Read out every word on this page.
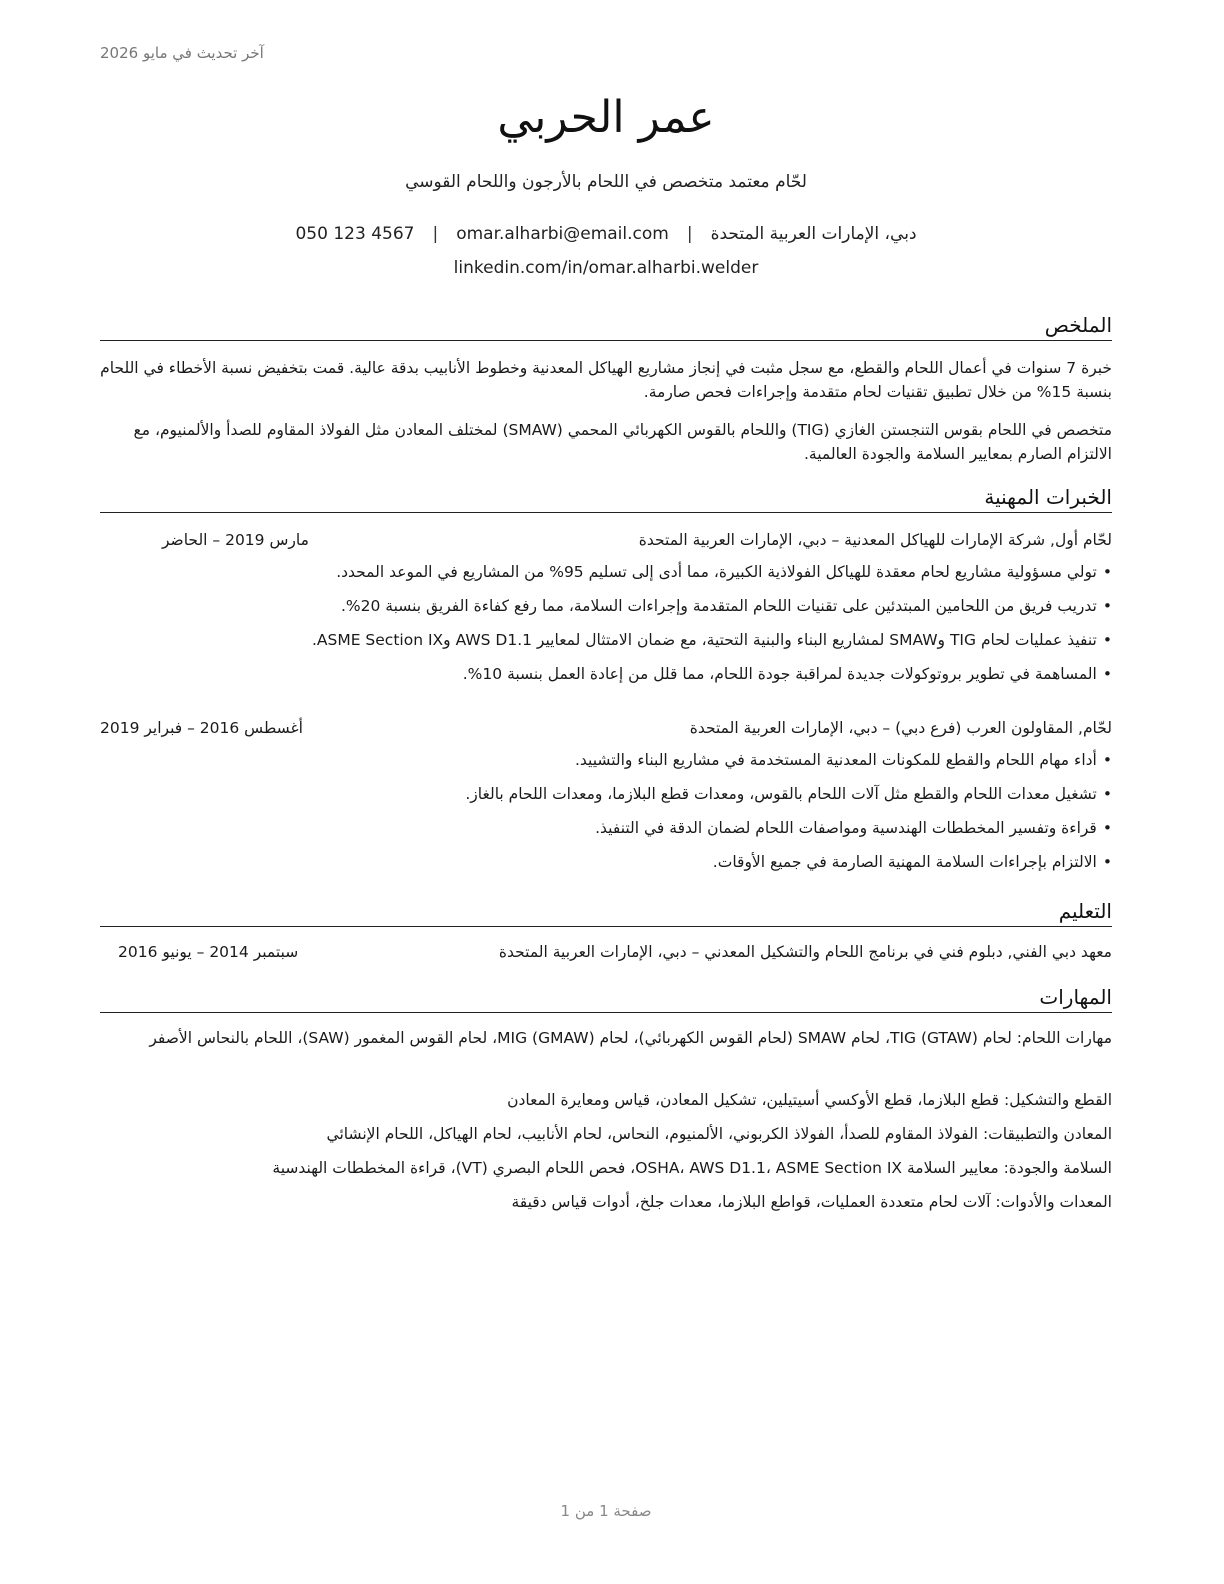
آخر تحديث في مايو 2026
عمر الحربي
لحّام معتمد متخصص في اللحام بالأرجون واللحام القوسي
دبي، الإمارات العربية المتحدة
|
omar.alharbi@email.com
|
050 123 4567
linkedin.com/in/omar.alharbi.welder
الملخص

خبرة 7 سنوات في أعمال اللحام والقطع، مع سجل مثبت في إنجاز مشاريع الهياكل المعدنية وخطوط الأنابيب بدقة عالية. قمت بتخفيض نسبة الأخطاء في اللحام بنسبة 15% من خلال تطبيق تقنيات لحام متقدمة وإجراءات فحص صارمة.

متخصص في اللحام بقوس التنجستن الغازي (TIG) واللحام بالقوس الكهربائي المحمي (SMAW) لمختلف المعادن مثل الفولاذ المقاوم للصدأ والألمنيوم، مع الالتزام الصارم بمعايير السلامة والجودة العالمية.

الخبرات المهنية
لحّام أول, شركة الإمارات للهياكل المعدنية – دبي، الإمارات العربية المتحدة
مارس 2019 – الحاضر
•تولي مسؤولية مشاريع لحام معقدة للهياكل الفولاذية الكبيرة، مما أدى إلى تسليم 95% من المشاريع في الموعد المحدد.
•تدريب فريق من اللحامين المبتدئين على تقنيات اللحام المتقدمة وإجراءات السلامة، مما رفع كفاءة الفريق بنسبة 20%.
•تنفيذ عمليات لحام TIG وSMAW لمشاريع البناء والبنية التحتية، مع ضمان الامتثال لمعايير AWS D1.1 وASME Section IX.
•المساهمة في تطوير بروتوكولات جديدة لمراقبة جودة اللحام، مما قلل من إعادة العمل بنسبة 10%.
لحّام, المقاولون العرب (فرع دبي) – دبي، الإمارات العربية المتحدة
أغسطس 2016 – فبراير 2019
•أداء مهام اللحام والقطع للمكونات المعدنية المستخدمة في مشاريع البناء والتشييد.
•تشغيل معدات اللحام والقطع مثل آلات اللحام بالقوس، ومعدات قطع البلازما، ومعدات اللحام بالغاز.
•قراءة وتفسير المخططات الهندسية ومواصفات اللحام لضمان الدقة في التنفيذ.
•الالتزام بإجراءات السلامة المهنية الصارمة في جميع الأوقات.
التعليم
معهد دبي الفني, دبلوم فني في برنامج اللحام والتشكيل المعدني – دبي، الإمارات العربية المتحدة
سبتمبر 2014 – يونيو 2016
المهارات

مهارات اللحام: لحام TIG (GTAW)، لحام SMAW (لحام القوس الكهربائي)، لحام MIG (GMAW)، لحام القوس المغمور (SAW)، اللحام بالنحاس الأصفر

القطع والتشكيل: قطع البلازما، قطع الأوكسي أسيتيلين، تشكيل المعادن، قياس ومعايرة المعادن

المعادن والتطبيقات: الفولاذ المقاوم للصدأ، الفولاذ الكربوني، الألمنيوم، النحاس، لحام الأنابيب، لحام الهياكل، اللحام الإنشائي

السلامة والجودة: معايير السلامة OSHA، AWS D1.1، ASME Section IX، فحص اللحام البصري (VT)، قراءة المخططات الهندسية

المعدات والأدوات: آلات لحام متعددة العمليات، قواطع البلازما، معدات جلخ، أدوات قياس دقيقة

صفحة 1 من 1
